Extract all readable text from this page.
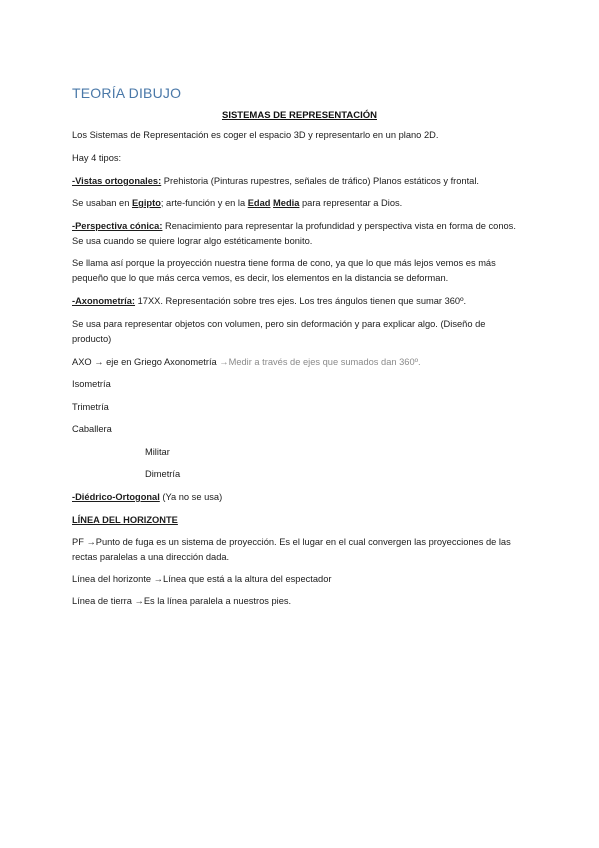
TEORÍA DIBUJO
SISTEMAS DE REPRESENTACIÓN
Los Sistemas de Representación es coger el espacio 3D y representarlo en un plano 2D.
Hay 4 tipos:
-Vistas ortogonales: Prehistoria (Pinturas rupestres, señales de tráfico) Planos estáticos y frontal.
Se usaban en Egipto; arte-función y en la Edad Media para representar a Dios.
-Perspectiva cónica: Renacimiento para representar la profundidad y perspectiva vista en forma de conos. Se usa cuando se quiere lograr algo estéticamente bonito.
Se llama así porque la proyección nuestra tiene forma de cono, ya que lo que más lejos vemos es más pequeño que lo que más cerca vemos, es decir, los elementos en la distancia se deforman.
-Axonometría: 17XX. Representación sobre tres ejes. Los tres ángulos tienen que sumar 360º.
Se usa para representar objetos con volumen, pero sin deformación y para explicar algo. (Diseño de producto)
AXO → eje en Griego Axonometría →Medir a través de ejes que sumados dan 360º.
Isometría
Trimetría
Caballera
Militar
Dimetría
-Diédrico-Ortogonal (Ya no se usa)
LÍNEA DEL HORIZONTE
PF →Punto de fuga es un sistema de proyección. Es el lugar en el cual convergen las proyecciones de las rectas paralelas a una dirección dada.
Línea del horizonte →Línea que está a la altura del espectador
Línea de tierra →Es la línea paralela a nuestros pies.
